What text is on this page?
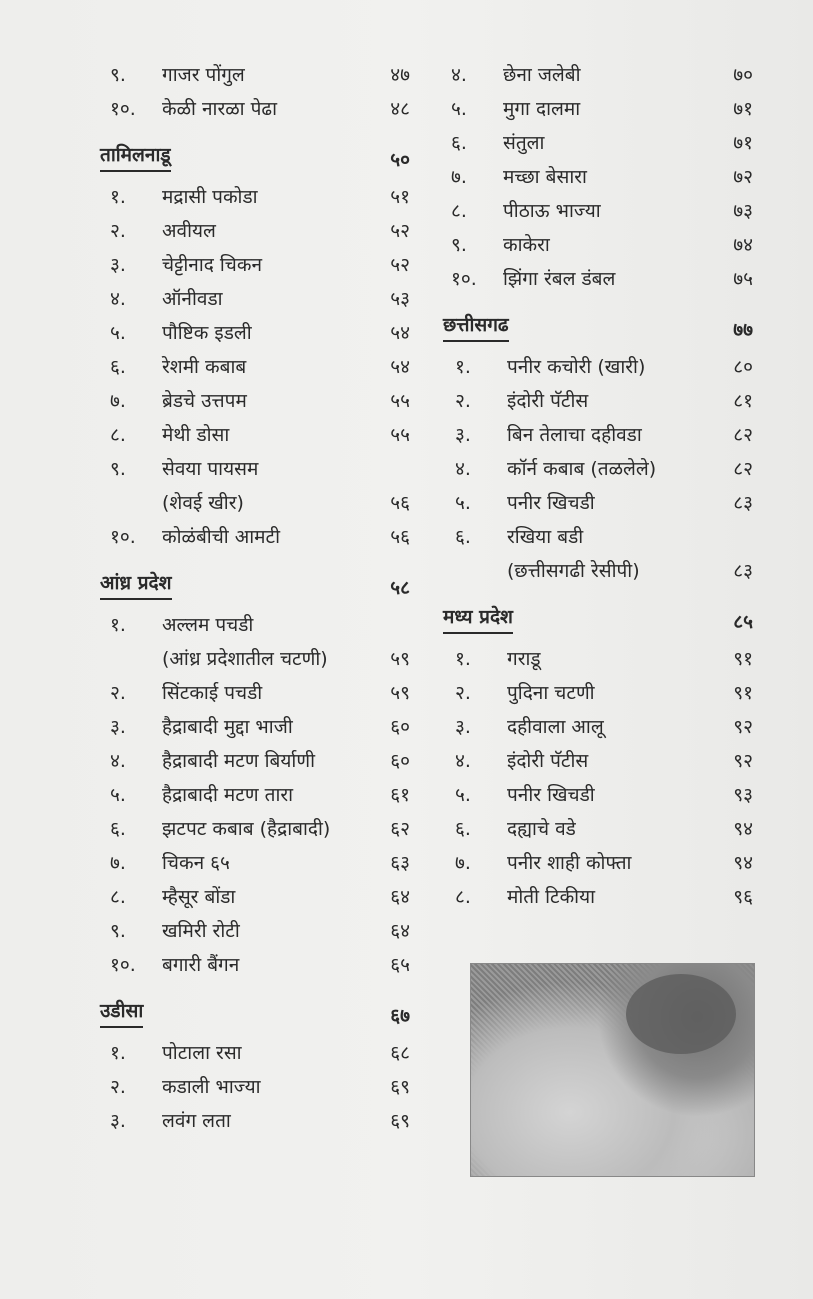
९. गाजर पोंगुल	४७
१०. केळी नारळा पेढा	४८
तामिलनाडू	५०
१. मद्रासी पकोडा	५१
२. अवीयल	५२
३. चेट्टीनाद चिकन	५२
४. ऑनीवडा	५३
५. पौष्टिक इडली	५४
६. रेशमी कबाब	५४
७. ब्रेडचे उत्तपम	५५
८. मेथी डोसा	५५
९. सेवया पायसम
(शेवई खीर)	५६
१०. कोळंबीची आमटी	५६
आंध्र प्रदेश	५८
१. अल्लम पचडी
(आंध्र प्रदेशातील चटणी)	५९
२. सिंटकाई पचडी	५९
३. हैद्राबादी मुद्दा भाजी	६०
४. हैद्राबादी मटण बिर्याणी	६०
५. हैद्राबादी मटण तारा	६१
६. झटपट कबाब (हैद्राबादी)	६२
७. चिकन ६५	६३
८. म्हैसूर बोंडा	६४
९. खमिरी रोटी	६४
१०. बगारी बैंगन	६५
उडीसा	६७
१. पोटाला रसा	६८
२. कडाली भाज्या	६९
३. लवंग लता	६९
४. छेना जलेबी	७०
५. मुगा दालमा	७१
६. संतुला	७१
७. मच्छा बेसारा	७२
८. पीठाऊ भाज्या	७३
९. काकेरा	७४
१०. झिंगा रंबल डंबल	७५
छत्तीसगढ	७७
१. पनीर कचोरी (खारी)	८०
२. इंदोरी पॅटीस	८१
३. बिन तेलाचा दहीवडा	८२
४. कॉर्न कबाब (तळलेले)	८२
५. पनीर खिचडी	८३
६. रखिया बडी
(छत्तीसगढी रेसीपी)	८३
मध्य प्रदेश	८५
१. गराडू	९१
२. पुदिना चटणी	९१
३. दहीवाला आलू	९२
४. इंदोरी पॅटीस	९२
५. पनीर खिचडी	९३
६. दह्याचे वडे	९४
७. पनीर शाही कोफ्ता	९४
८. मोती टिकीया	९६
